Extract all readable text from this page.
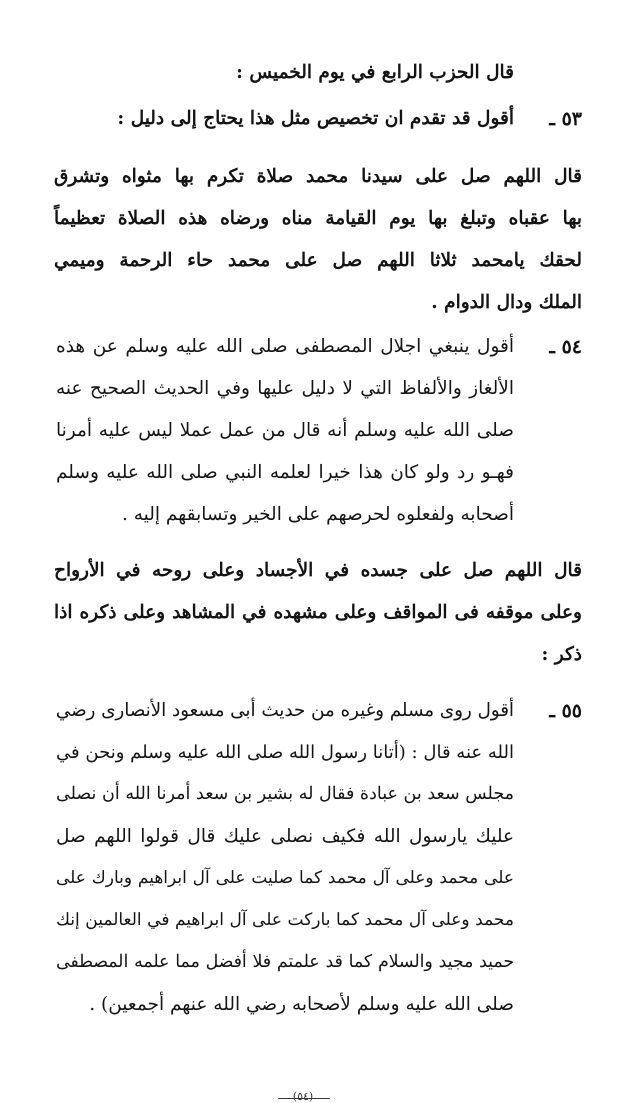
قال الحزب الرابع في يوم الخميس :
٥٣ ـ
أقول قد تقدم ان تخصيص مثل هذا يحتاج إلى دليل :
قال اللهم صل على سيدنا محمد صلاة تكرم بها مثواه وتشرق
بها عقباه وتبلغ بها يوم القيامة مناه ورضاه هذه الصلاة تعظيماً
لحقك يامحمد ثلاثا اللهم صل على محمد حاء الرحمة وميمي
الملك ودال الدوام .
٥٤ ـ
أقول ينبغي اجلال المصطفى صلى الله عليه وسلم عن هذه
الألغاز والألفاظ التي لا دليل عليها وفي الحديث الصحيح عنه
صلى الله عليه وسلم أنه قال من عمل عملا ليس عليه أمرنا
فهـو رد ولو كان هذا خيرا لعلمه النبي صلى الله عليه وسلم
أصحابه ولفعلوه لحرصهم على الخير وتسابقهم إليه .
قال اللهم صل على جسده في الأجساد وعلى روحه في الأرواح
وعلى موقفه فى المواقف وعلى مشهده في المشاهد وعلى ذكره اذا
ذكر :
٥٥ ـ
أقول روى مسلم وغيره من حديث أبى مسعود الأنصارى رضي
الله عنه قال : (أتانا رسول الله صلى الله عليه وسلم ونحن في
مجلس سعد بن عبادة فقال له بشير بن سعد أمرنا الله أن نصلى
عليك يارسول الله فكيف نصلى عليك قال قولوا اللهم صل
على محمد وعلى آل محمد كما صليت على آل ابراهيم وبارك على
محمد وعلى آل محمد كما باركت على آل ابراهيم في العالمين إنك
حميد مجيد والسلام كما قد علمتم فلا أفضل مما علمه المصطفى
صلى الله عليه وسلم لأصحابه رضي الله عنهم أجمعين) .
(٥٤)
